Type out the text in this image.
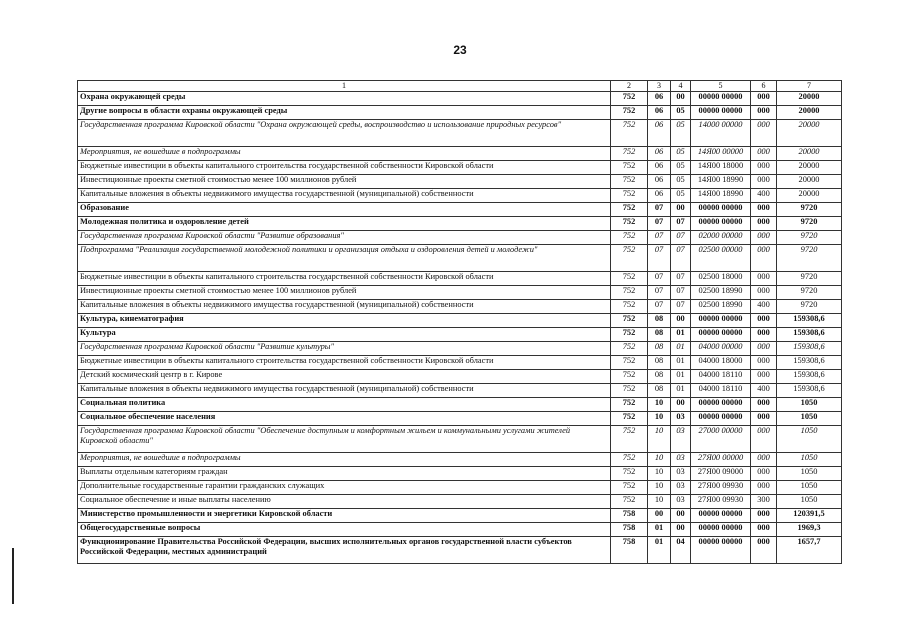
23
1	2	3	4	5	6	7
Охрана окружающей среды	752	06	00	00000 00000	000	20000
Другие вопросы в области охраны окружающей среды	752	06	05	00000 00000	000	20000
Государственная программа Кировской области "Охрана окружающей среды, воспроизводство и использование природных ресурсов"	752	06	05	14000 00000	000	20000
Мероприятия, не вошедшие в подпрограммы	752	06	05	14Я00 00000	000	20000
Бюджетные инвестиции в объекты капитального строительства государственной собственности Кировской области	752	06	05	14Я00 18000	000	20000
Инвестиционные проекты сметной стоимостью менее 100 миллионов рублей	752	06	05	14Я00 18990	000	20000
Капитальные вложения в объекты недвижимого имущества государственной (муниципальной) собственности	752	06	05	14Я00 18990	400	20000
Образование	752	07	00	00000 00000	000	9720
Молодежная политика и оздоровление детей	752	07	07	00000 00000	000	9720
Государственная программа Кировской области "Развитие образования"	752	07	07	02000 00000	000	9720
Подпрограмма "Реализация государственной молодежной политики и организация отдыха и оздоровления детей и молодежи"	752	07	07	02500 00000	000	9720
Бюджетные инвестиции в объекты капитального строительства государственной собственности Кировской области	752	07	07	02500 18000	000	9720
Инвестиционные проекты сметной стоимостью менее 100 миллионов рублей	752	07	07	02500 18990	000	9720
Капитальные вложения в объекты недвижимого имущества государственной (муниципальной) собственности	752	07	07	02500 18990	400	9720
Культура, кинематография	752	08	00	00000 00000	000	159308,6
Культура	752	08	01	00000 00000	000	159308,6
Государственная программа Кировской области "Развитие культуры"	752	08	01	04000 00000	000	159308,6
Бюджетные инвестиции в объекты капитального строительства государственной собственности Кировской области	752	08	01	04000 18000	000	159308,6
Детский космический центр в г. Кирове	752	08	01	04000 18110	000	159308,6
Капитальные вложения в объекты недвижимого имущества государственной (муниципальной) собственности	752	08	01	04000 18110	400	159308,6
Социальная политика	752	10	00	00000 00000	000	1050
Социальное обеспечение населения	752	10	03	00000 00000	000	1050
Государственная программа Кировской области "Обеспечение доступным и комфортным жильем и коммунальными услугами жителей Кировской области"	752	10	03	27000 00000	000	1050
Мероприятия, не вошедшие в подпрограммы	752	10	03	27Я00 00000	000	1050
Выплаты отдельным категориям граждан	752	10	03	27Я00 09000	000	1050
Дополнительные государственные гарантии гражданских служащих	752	10	03	27Я00 09930	000	1050
Социальное обеспечение и иные выплаты населению	752	10	03	27Я00 09930	300	1050
Министерство промышленности и энергетики Кировской области	758	00	00	00000 00000	000	120391,5
Общегосударственные вопросы	758	01	00	00000 00000	000	1969,3
Функционирование Правительства Российской Федерации, высших исполнительных органов государственной власти субъектов Российской Федерации, местных администраций	758	01	04	00000 00000	000	1657,7
